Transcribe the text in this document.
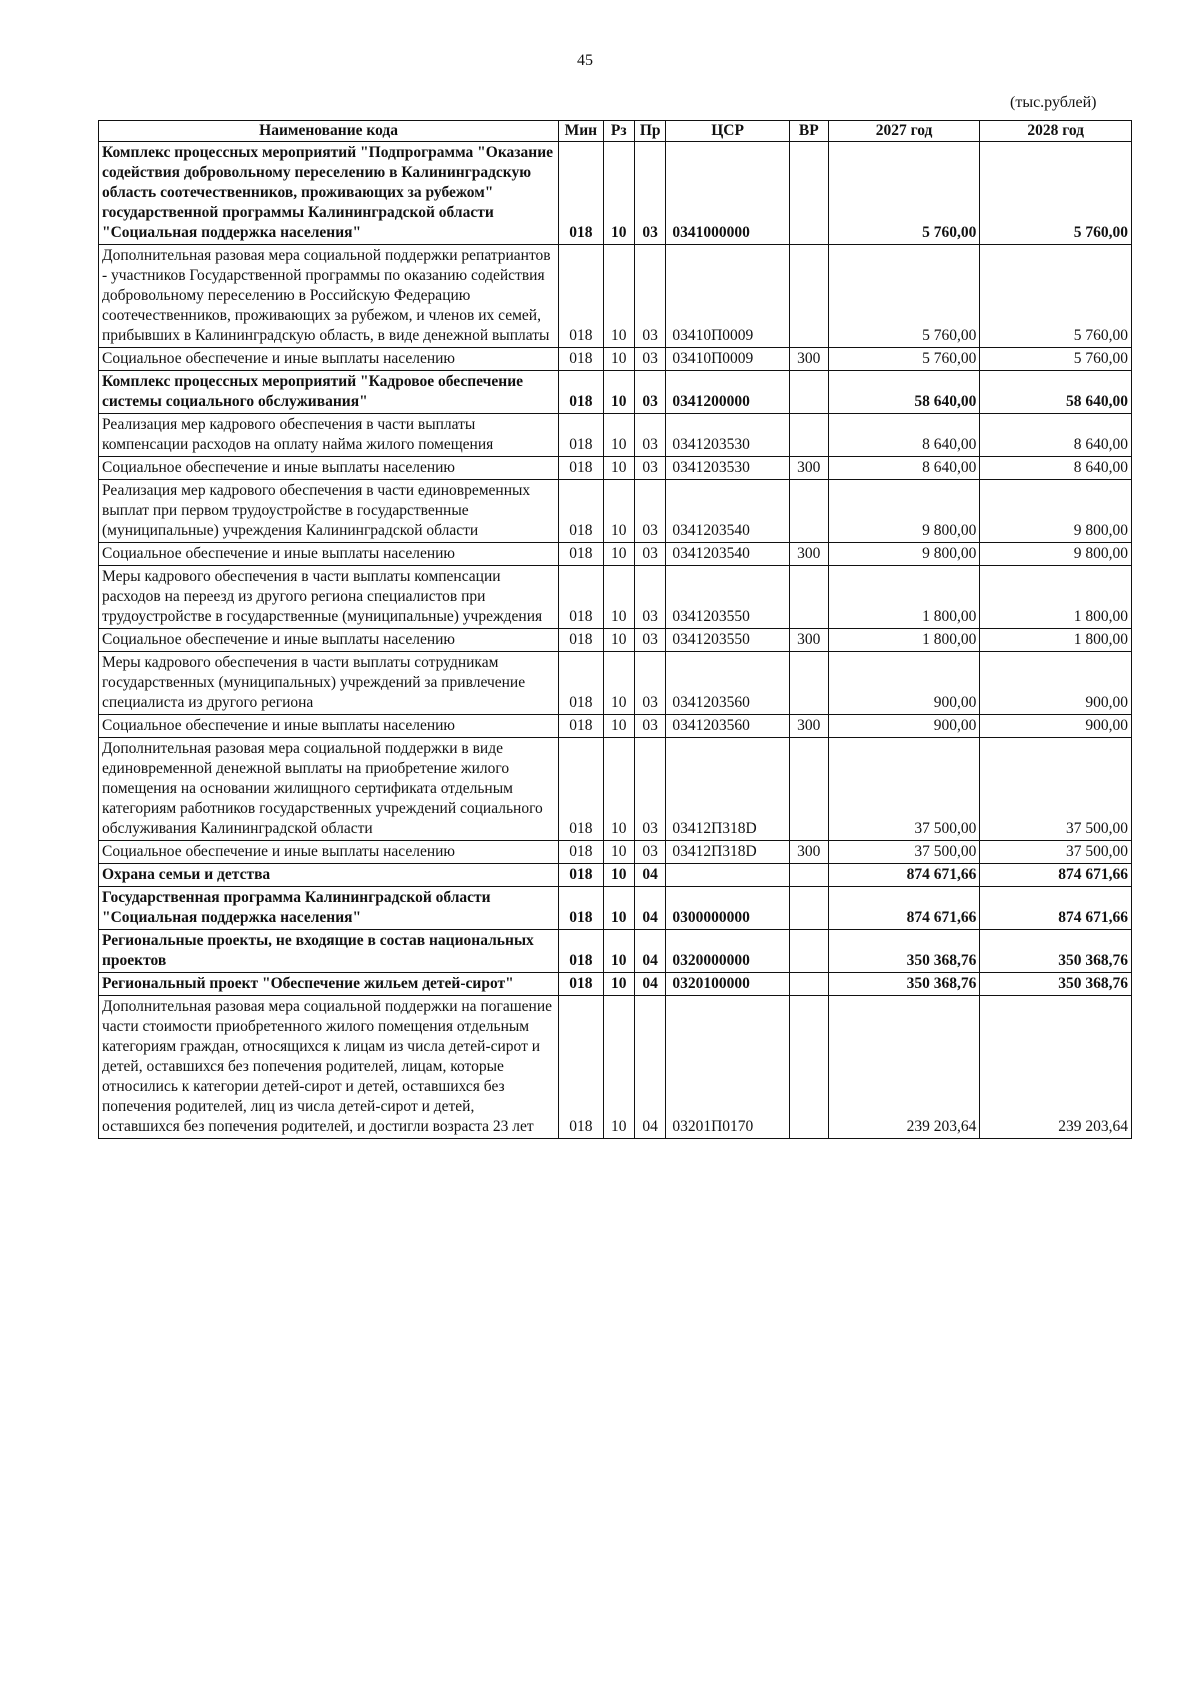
45
(тыс.рублей)
Наименование кода	Мин	Рз	Пр	ЦСР	ВР	2027 год	2028 год
Комплекс процессных мероприятий "Подпрограмма "Оказание содействия добровольному переселению в Калининградскую область соотечественников, проживающих за рубежом" государственной программы Калининградской области "Социальная поддержка населения"	018	10	03	0341000000		5 760,00	5 760,00
Дополнительная разовая мера социальной поддержки репатриантов - участников Государственной программы по оказанию содействия добровольному переселению в Российскую Федерацию соотечественников, проживающих за рубежом, и членов их семей, прибывших в Калининградскую область, в виде денежной выплаты	018	10	03	03410П0009		5 760,00	5 760,00
Социальное обеспечение и иные выплаты населению	018	10	03	03410П0009	300	5 760,00	5 760,00
Комплекс процессных мероприятий "Кадровое обеспечение системы социального обслуживания"	018	10	03	0341200000		58 640,00	58 640,00
Реализация мер кадрового обеспечения в части выплаты компенсации расходов на оплату найма жилого помещения	018	10	03	0341203530		8 640,00	8 640,00
Социальное обеспечение и иные выплаты населению	018	10	03	0341203530	300	8 640,00	8 640,00
Реализация мер кадрового обеспечения в части единовременных выплат при первом трудоустройстве в государственные (муниципальные) учреждения Калининградской области	018	10	03	0341203540		9 800,00	9 800,00
Социальное обеспечение и иные выплаты населению	018	10	03	0341203540	300	9 800,00	9 800,00
Меры кадрового обеспечения в части выплаты компенсации расходов на переезд из другого региона специалистов при трудоустройстве в государственные (муниципальные) учреждения	018	10	03	0341203550		1 800,00	1 800,00
Социальное обеспечение и иные выплаты населению	018	10	03	0341203550	300	1 800,00	1 800,00
Меры кадрового обеспечения в части выплаты сотрудникам государственных (муниципальных) учреждений за привлечение специалиста из другого региона	018	10	03	0341203560		900,00	900,00
Социальное обеспечение и иные выплаты населению	018	10	03	0341203560	300	900,00	900,00
Дополнительная разовая мера социальной поддержки в виде единовременной денежной выплаты на приобретение жилого помещения на основании жилищного сертификата отдельным категориям работников государственных учреждений социального обслуживания Калининградской области	018	10	03	03412П318D		37 500,00	37 500,00
Социальное обеспечение и иные выплаты населению	018	10	03	03412П318D	300	37 500,00	37 500,00
Охрана семьи и детства	018	10	04			874 671,66	874 671,66
Государственная программа Калининградской области "Социальная поддержка населения"	018	10	04	0300000000		874 671,66	874 671,66
Региональные проекты, не входящие в состав национальных проектов	018	10	04	0320000000		350 368,76	350 368,76
Региональный проект "Обеспечение жильем детей-сирот"	018	10	04	0320100000		350 368,76	350 368,76
Дополнительная разовая мера социальной поддержки на погашение части стоимости приобретенного жилого помещения отдельным категориям граждан, относящихся к лицам из числа детей-сирот и детей, оставшихся без попечения родителей, лицам, которые относились к категории детей-сирот и детей, оставшихся без попечения родителей, лиц из числа детей-сирот и детей, оставшихся без попечения родителей, и достигли возраста 23 лет	018	10	04	03201П0170		239 203,64	239 203,64
